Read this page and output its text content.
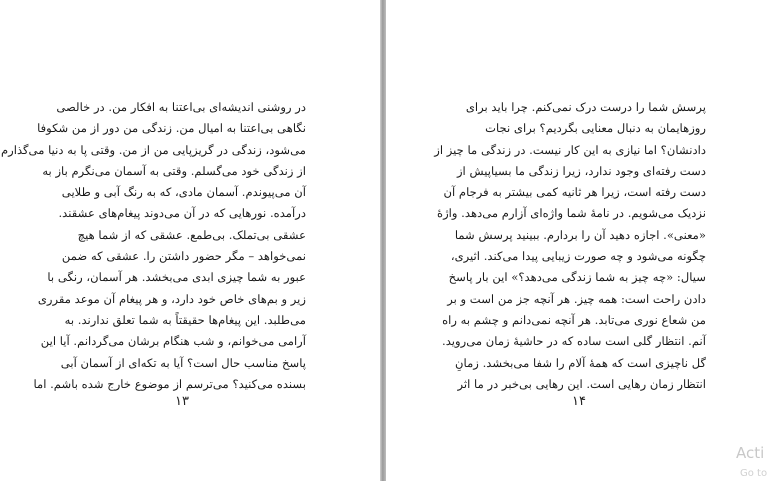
در روشنی اندیشه‌ای بی‌اعتنا به افکار من. در خالصی
نگاهی بی‌اعتنا به امیال من. زندگی من دور از من شکوفا
می‌شود، زندگی در گریزپایی من از من. وقتی پا به دنیا می‌گذارم
از زندگی خود می‌گسلم. وقتی به آسمان می‌نگرم باز به
آن می‌پیوندم. آسمان مادی، که به رنگ آبی و طلایی
درآمده. نورهایی که در آن می‌دوند پیغام‌های عشقند.
عشقی بی‌تملک. بی‌طمع. عشقی که از شما هیچ
نمی‌خواهد – مگر حضور داشتن را. عشقی که ضمن
عبور به شما چیزی ابدی می‌بخشد. هر آسمان، رنگی با
زیر و بم‌های خاص خود دارد، و هر پیغام آن موعد مقرری
می‌طلبد. این پیغام‌ها حقیقتاً به شما تعلق ندارند. به
آرامی می‌خوانم، و شب هنگام برشان می‌گردانم. آیا این
پاسخ مناسب حال است؟ آیا به تکه‌ای از آسمان آبی
بسنده می‌کنید؟ می‌ترسم از موضوع خارج شده باشم. اما
۱۳
پرسش شما را درست درک نمی‌کنم. چرا باید برای
روزهایمان به دنبال معنایی بگردیم؟ برای نجات
دادنشان؟ اما نیازی به این کار نیست. در زندگی ما چیز از
دست رفته‌ای وجود ندارد، زیرا زندگی ما بسیاپیش از
دست رفته است، زیرا هر ثانیه کمی بیشتر به فرجام آن
نزدیک می‌شویم. در نامهٔ شما واژه‌ای آزارم می‌دهد. واژهٔ
«معنی». اجازه دهید آن را بردارم. ببینید پرسش شما
چگونه می‌شود و چه صورت زیبایی پیدا می‌کند. اثیری،
سیال: «چه چیز به شما زندگی می‌دهد؟» این بار پاسخ
دادن راحت است: همه چیز. هر آنچه جز من است و بر
من شعاع نوری می‌تابد. هر آنچه نمی‌دانم و چشم به راه
آنم. انتظار گلی است ساده که در حاشیهٔ زمان می‌روید.
گل ناچیزی است که همهٔ آلام را شفا می‌بخشد. زمانِ
انتظار زمان رهایی است. این رهایی بی‌خبر در ما اثر
۱۴
Acti
Go to
